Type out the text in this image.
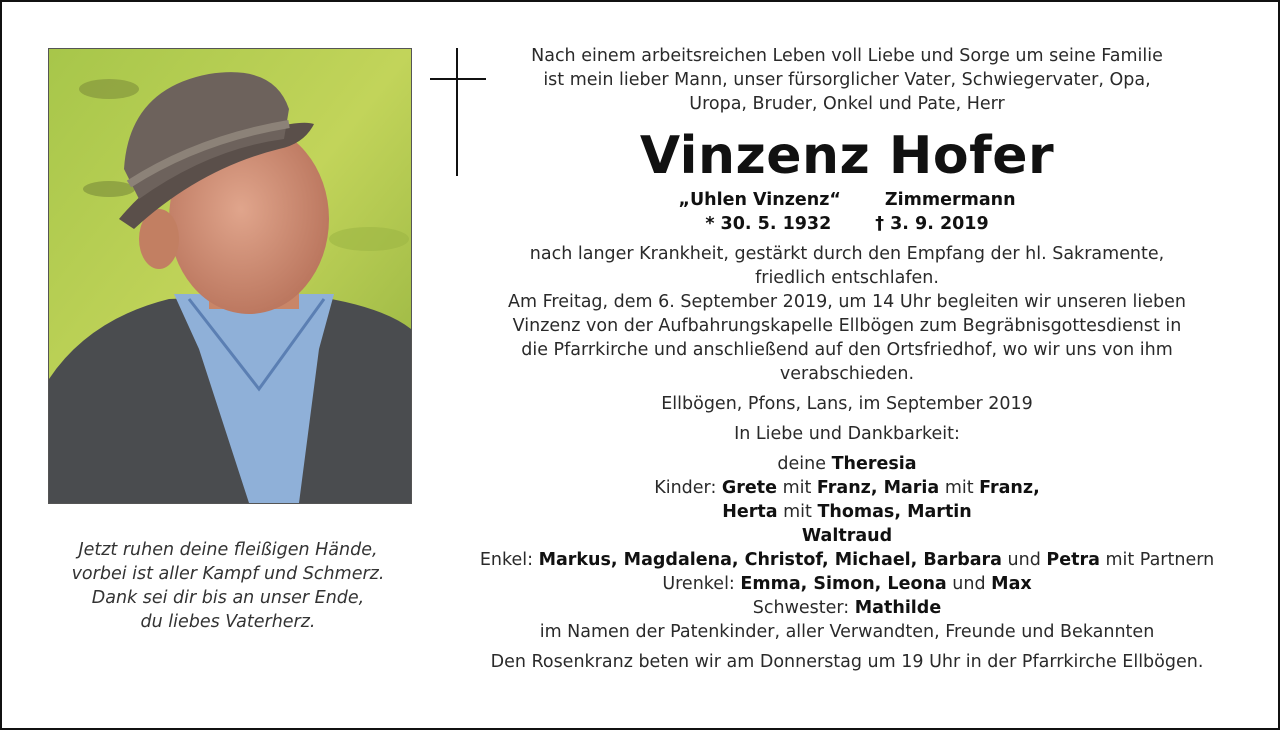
Jetzt ruhen deine fleißigen Hände,
vorbei ist aller Kampf und Schmerz.
Dank sei dir bis an unser Ende,
du liebes Vaterherz.
Nach einem arbeitsreichen Leben voll Liebe und Sorge um seine Familie
ist mein lieber Mann, unser fürsorglicher Vater, Schwiegervater, Opa,
Uropa, Bruder, Onkel und Pate, Herr
Vinzenz Hofer
„Uhlen Vinzenz“	Zimmermann
* 30. 5. 1932	† 3. 9. 2019
nach langer Krankheit, gestärkt durch den Empfang der hl. Sakramente,
friedlich entschlafen.
Am Freitag, dem 6. September 2019, um 14 Uhr begleiten wir unseren lieben
Vinzenz von der Aufbahrungskapelle Ellbögen zum Begräbnisgottesdienst in
die Pfarrkirche und anschließend auf den Ortsfriedhof, wo wir uns von ihm
verabschieden.
Ellbögen, Pfons, Lans, im September 2019
In Liebe und Dankbarkeit:
deine Theresia
Kinder: Grete mit Franz, Maria mit Franz,
Herta mit Thomas, Martin
Waltraud
Enkel: Markus, Magdalena, Christof, Michael, Barbara und Petra mit Partnern
Urenkel: Emma, Simon, Leona und Max
Schwester: Mathilde
im Namen der Patenkinder, aller Verwandten, Freunde und Bekannten
Den Rosenkranz beten wir am Donnerstag um 19 Uhr in der Pfarrkirche Ellbögen.
